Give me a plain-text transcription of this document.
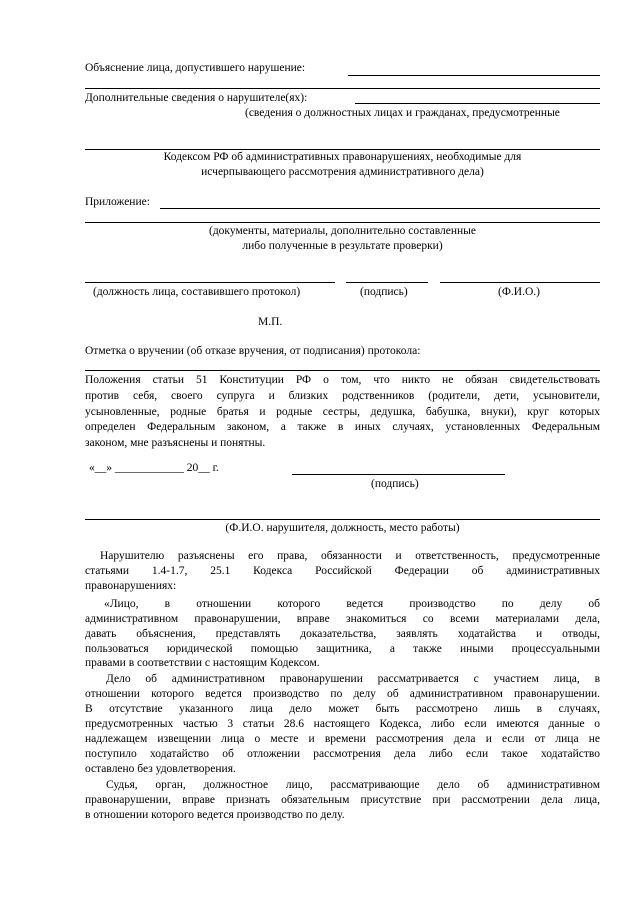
Объяснение лица, допустившего нарушение:
Дополнительные сведения о нарушителе(ях):
(сведения о должностных лицах и гражданах, предусмотренные
Кодексом РФ об административных правонарушениях, необходимые для
исчерпывающего рассмотрения административного дела)
Приложение:
(документы, материалы, дополнительно составленные
либо полученные в результате проверки)
(должность лица, составившего протокол)	(подпись)	(Ф.И.О.)
М.П.
Отметка о вручении (об отказе вручения, от подписания) протокола:
Положения статьи 51 Конституции РФ о том, что никто не обязан свидетельствовать
против себя, своего супруга и близких родственников (родители, дети, усыновители,
усыновленные, родные братья и родные сестры, дедушка, бабушка, внуки), круг которых
определен Федеральным законом, а также в иных случаях, установленных Федеральным
законом, мне разъяснены и понятны.
«__» ____________ 20__ г.
(подпись)
(Ф.И.О. нарушителя, должность, место работы)
Нарушителю разъяснены его права, обязанности и ответственность, предусмотренные
статьями 1.4-1.7, 25.1 Кодекса Российской Федерации об административных
правонарушениях:
«Лицо, в отношении которого ведется производство по делу об
административном правонарушении, вправе знакомиться со всеми материалами дела,
давать объяснения, представлять доказательства, заявлять ходатайства и отводы,
пользоваться юридической помощью защитника, а также иными процессуальными
правами в соответствии с настоящим Кодексом.
Дело об административном правонарушении рассматривается с участием лица, в
отношении которого ведется производство по делу об административном правонарушении.
В отсутствие указанного лица дело может быть рассмотрено лишь в случаях,
предусмотренных частью 3 статьи 28.6 настоящего Кодекса, либо если имеются данные о
надлежащем извещении лица о месте и времени рассмотрения дела и если от лица не
поступило ходатайство об отложении рассмотрения дела либо если такое ходатайство
оставлено без удовлетворения.
Судья, орган, должностное лицо, рассматривающие дело об административном
правонарушении, вправе признать обязательным присутствие при рассмотрении дела лица,
в отношении которого ведется производство по делу.
